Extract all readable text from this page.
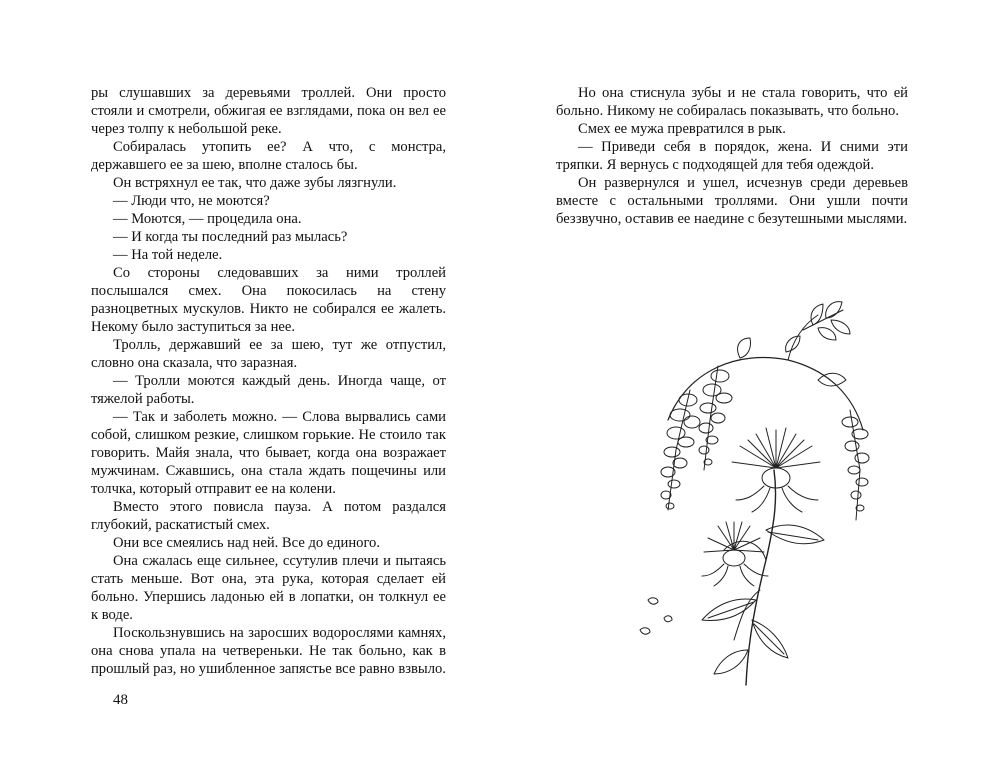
ры слушавших за деревьями троллей. Они просто стояли и смотрели, обжигая ее взглядами, пока он вел ее через толпу к небольшой реке.

Собиралась утопить ее? А что, с монстра, державшего ее за шею, вполне сталось бы.

Он встряхнул ее так, что даже зубы лязгнули.

— Люди что, не моются?

— Моются, — процедила она.

— И когда ты последний раз мылась?

— На той неделе.

Со стороны следовавших за ними троллей послышался смех. Она покосилась на стену разноцветных мускулов. Никто не собирался ее жалеть. Некому было заступиться за нее.

Тролль, державший ее за шею, тут же отпустил, словно она сказала, что заразная.

— Тролли моются каждый день. Иногда чаще, от тяжелой работы.

— Так и заболеть можно. — Слова вырвались сами собой, слишком резкие, слишком горькие. Не стоило так говорить. Майя знала, что бывает, когда она возражает мужчинам. Сжавшись, она стала ждать пощечины или толчка, который отправит ее на колени.

Вместо этого повисла пауза. А потом раздался глубокий, раскатистый смех.

Они все смеялись над ней. Все до единого.

Она сжалась еще сильнее, ссутулив плечи и пытаясь стать меньше. Вот она, эта рука, которая сделает ей больно. Упершись ладонью ей в лопатки, он толкнул ее к воде.

Поскользнувшись на заросших водорослями камнях, она снова упала на четвереньки. Не так больно, как в прошлый раз, но ушибленное запястье все равно взвыло.

48

Но она стиснула зубы и не стала говорить, что ей больно. Никому не собиралась показывать, что больно.

Смех ее мужа превратился в рык.

— Приведи себя в порядок, жена. И сними эти тряпки. Я вернусь с подходящей для тебя одеждой.

Он развернулся и ушел, исчезнув среди деревьев вместе с остальными троллями. Они ушли почти беззвучно, оставив ее наедине с безутешными мыслями.
